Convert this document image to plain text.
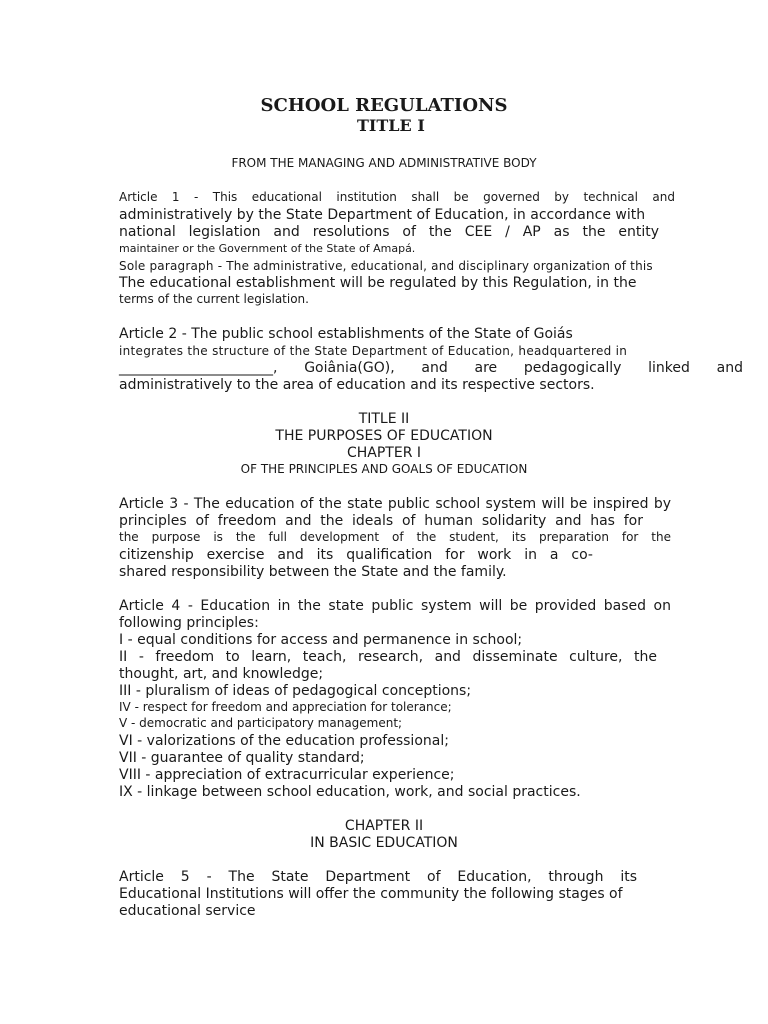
SCHOOL REGULATIONS
TITLE I
FROM THE MANAGING AND ADMINISTRATIVE BODY
Article 1 - This educational institution shall be governed by technical and
administratively by the State Department of Education, in accordance with
national legislation and resolutions of the CEE / AP as the entity
maintainer or the Government of the State of Amapá.
Sole paragraph - The administrative, educational, and disciplinary organization of this
The educational establishment will be regulated by this Regulation, in the
terms of the current legislation.
Article 2 - The public school establishments of the State of Goiás
integrates the structure of the State Department of Education, headquartered in
______________________, Goiânia(GO), and are pedagogically linked and
administratively to the area of education and its respective sectors.
TITLE II
THE PURPOSES OF EDUCATION
CHAPTER I
OF THE PRINCIPLES AND GOALS OF EDUCATION
Article 3 - The education of the state public school system will be inspired by
principles of freedom and the ideals of human solidarity and has for
the purpose is the full development of the student, its preparation for the
citizenship exercise and its qualification for work in a co-
shared responsibility between the State and the family.
Article 4 - Education in the state public system will be provided based on
following principles:
I - equal conditions for access and permanence in school;
II - freedom to learn, teach, research, and disseminate culture, the
thought, art, and knowledge;
III - pluralism of ideas of pedagogical conceptions;
IV - respect for freedom and appreciation for tolerance;
V - democratic and participatory management;
VI - valorizations of the education professional;
VII - guarantee of quality standard;
VIII - appreciation of extracurricular experience;
IX - linkage between school education, work, and social practices.
CHAPTER II
IN BASIC EDUCATION
Article 5 - The State Department of Education, through its
Educational Institutions will offer the community the following stages of
educational service
